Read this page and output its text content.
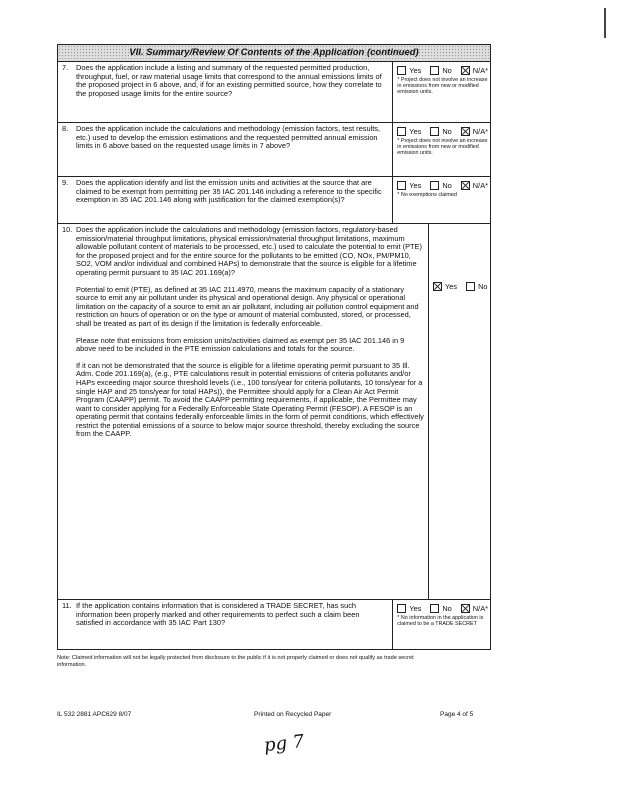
VII. Summary/Review Of Contents of the Application (continued)
7. Does the application include a listing and summary of the requested permitted production, throughput, fuel, or raw material usage limits that correspond to the annual emissions limits of the proposed project in 6 above, and, if for an existing permitted source, how they correlate to the proposed usage limits for the entire source?
Yes	No	N/A*
* Project does not involve an increase in emissions from new or modified emission units.
8. Does the application include the calculations and methodology (emission factors, test results, etc.) used to develop the emission estimations and the requested permitted annual emission limits in 6 above based on the requested usage limits in 7 above?
Yes	No	N/A*
* Project does not involve an increase in emissions from new or modified emission units.
9. Does the application identify and list the emission units and activities at the source that are claimed to be exempt from permitting per 35 IAC 201.146 including a reference to the specific exemption in 35 IAC 201.146 along with justification for the claimed exemption(s)?
Yes	No	N/A*
* No exemptions claimed
10. Does the application include the calculations and methodology (emission factors, regulatory-based emission/material throughput limitations, physical emission/material throughput limitations, maximum allowable pollutant content of materials to be processed, etc.) used to calculate the potential to emit (PTE) for the proposed project and for the entire source for the pollutants to be emitted (CO, NOx, PM/PM10, SO2, VOM and/or individual and combined HAPs) to demonstrate that the source is eligible for a lifetime operating permit pursuant to 35 IAC 201.169(a)?

Potential to emit (PTE), as defined at 35 IAC 211.4970, means the maximum capacity of a stationary source to emit any air pollutant under its physical and operational design. Any physical or operational limitation on the capacity of a source to emit an air pollutant, including air pollution control equipment and restriction on hours of operation or on the type or amount of material combusted, stored, or processed, shall be treated as part of its design if the limitation is federally enforceable.

Please note that emissions from emission units/activities claimed as exempt per 35 IAC 201.146 in 9 above need to be included in the PTE emission calculations and totals for the source.

If it can not be demonstrated that the source is eligible for a lifetime operating permit pursuant to 35 Ill. Adm. Code 201.169(a), (e.g., PTE calculations result in potential emissions of criteria pollutants and/or HAPs exceeding major source threshold levels (i.e., 100 tons/year for criteria pollutants, 10 tons/year for a single HAP and 25 tons/year for total HAPs)), the Permittee should apply for a Clean Air Act Permit Program (CAAPP) permit. To avoid the CAAPP permitting requirements, if applicable, the Permittee may want to consider applying for a Federally Enforceable State Operating Permit (FESOP). A FESOP is an operating permit that contains federally enforceable limits in the form of permit conditions, which effectively restrict the potential emissions of a source to below major source threshold, thereby excluding the source from the CAAPP.

Yes	No
11. If the application contains information that is considered a TRADE SECRET, has such information been properly marked and other requirements to perfect such a claim been satisfied in accordance with 35 IAC Part 130?
Yes	No	N/A*
* No information in the application is claimed to be a TRADE SECRET
Note: Claimed information will not be legally protected from disclosure to the public if it is not properly claimed or does not qualify as trade secret information.
IL 532 2881 APC629 8/07	Printed on Recycled Paper	Page 4 of 5
pg 7
